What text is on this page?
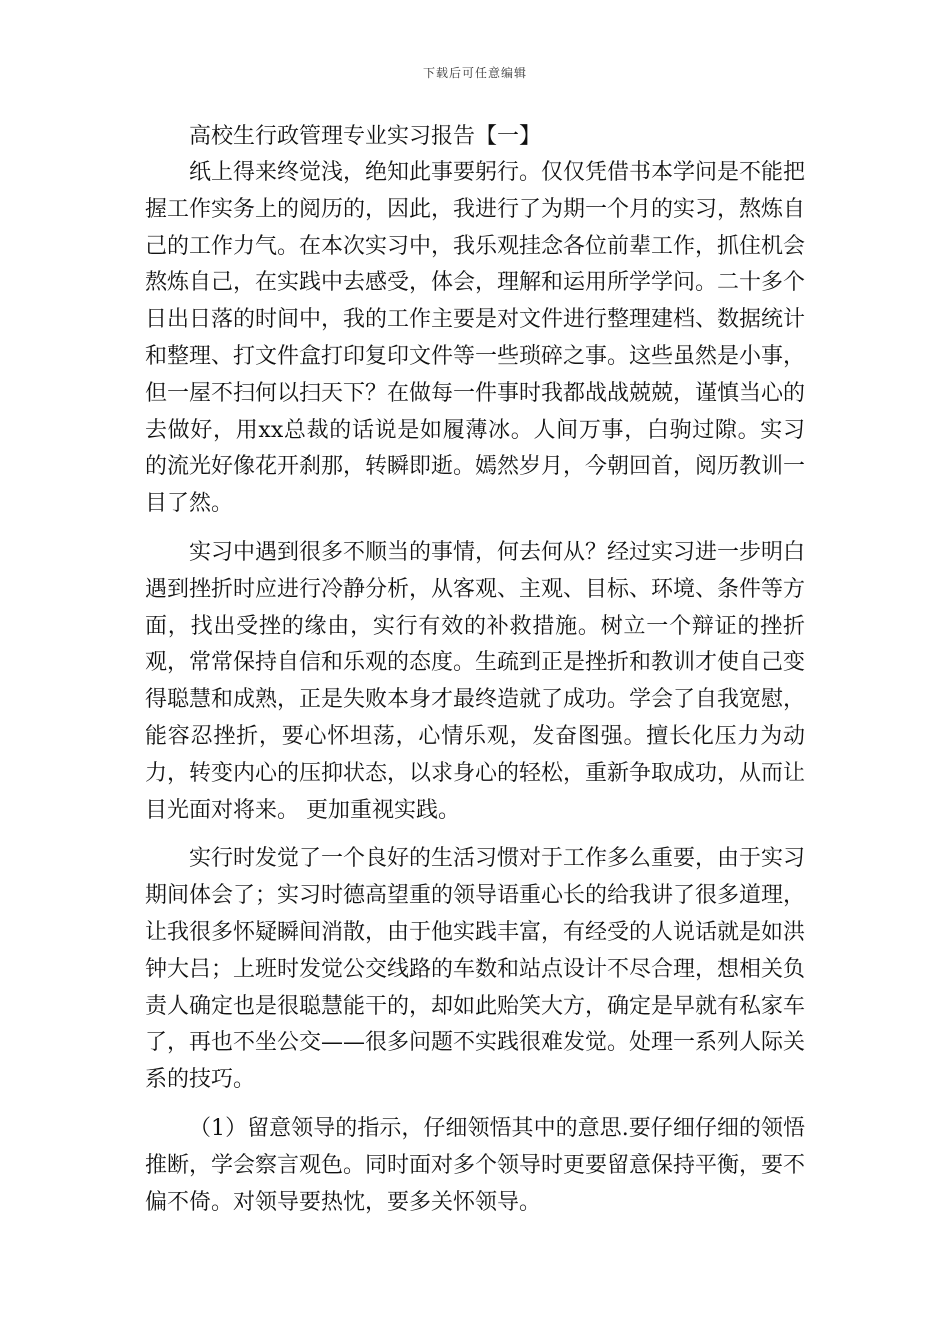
下载后可任意编辑
高校生行政管理专业实习报告【一】

纸上得来终觉浅，绝知此事要躬行。仅仅凭借书本学问是不能把握工作实务上的阅历的，因此，我进行了为期一个月的实习，熬炼自己的工作力气。在本次实习中，我乐观挂念各位前辈工作，抓住机会熬炼自己，在实践中去感受，体会，理解和运用所学学问。二十多个日出日落的时间中，我的工作主要是对文件进行整理建档、数据统计和整理、打文件盒打印复印文件等一些琐碎之事。这些虽然是小事，但一屋不扫何以扫天下？在做每一件事时我都战战兢兢，谨慎当心的去做好，用xx总裁的话说是如履薄冰。人间万事，白驹过隙。实习的流光好像花开刹那，转瞬即逝。嫣然岁月，今朝回首，阅历教训一目了然。

实习中遇到很多不顺当的事情，何去何从？经过实习进一步明白遇到挫折时应进行冷静分析，从客观、主观、目标、环境、条件等方面，找出受挫的缘由，实行有效的补救措施。树立一个辩证的挫折观，常常保持自信和乐观的态度。生疏到正是挫折和教训才使自己变得聪慧和成熟，正是失败本身才最终造就了成功。学会了自我宽慰，能容忍挫折，要心怀坦荡，心情乐观，发奋图强。擅长化压力为动力，转变内心的压抑状态，以求身心的轻松，重新争取成功，从而让目光面对将来。 更加重视实践。

实行时发觉了一个良好的生活习惯对于工作多么重要，由于实习期间体会了；实习时德高望重的领导语重心长的给我讲了很多道理，让我很多怀疑瞬间消散，由于他实践丰富，有经受的人说话就是如洪钟大吕；上班时发觉公交线路的车数和站点设计不尽合理，想相关负责人确定也是很聪慧能干的，却如此贻笑大方，确定是早就有私家车了，再也不坐公交——很多问题不实践很难发觉。处理一系列人际关系的技巧。

（1）留意领导的指示，仔细领悟其中的意思.要仔细仔细的领悟推断，学会察言观色。同时面对多个领导时更要留意保持平衡，要不偏不倚。对领导要热忱，要多关怀领导。
